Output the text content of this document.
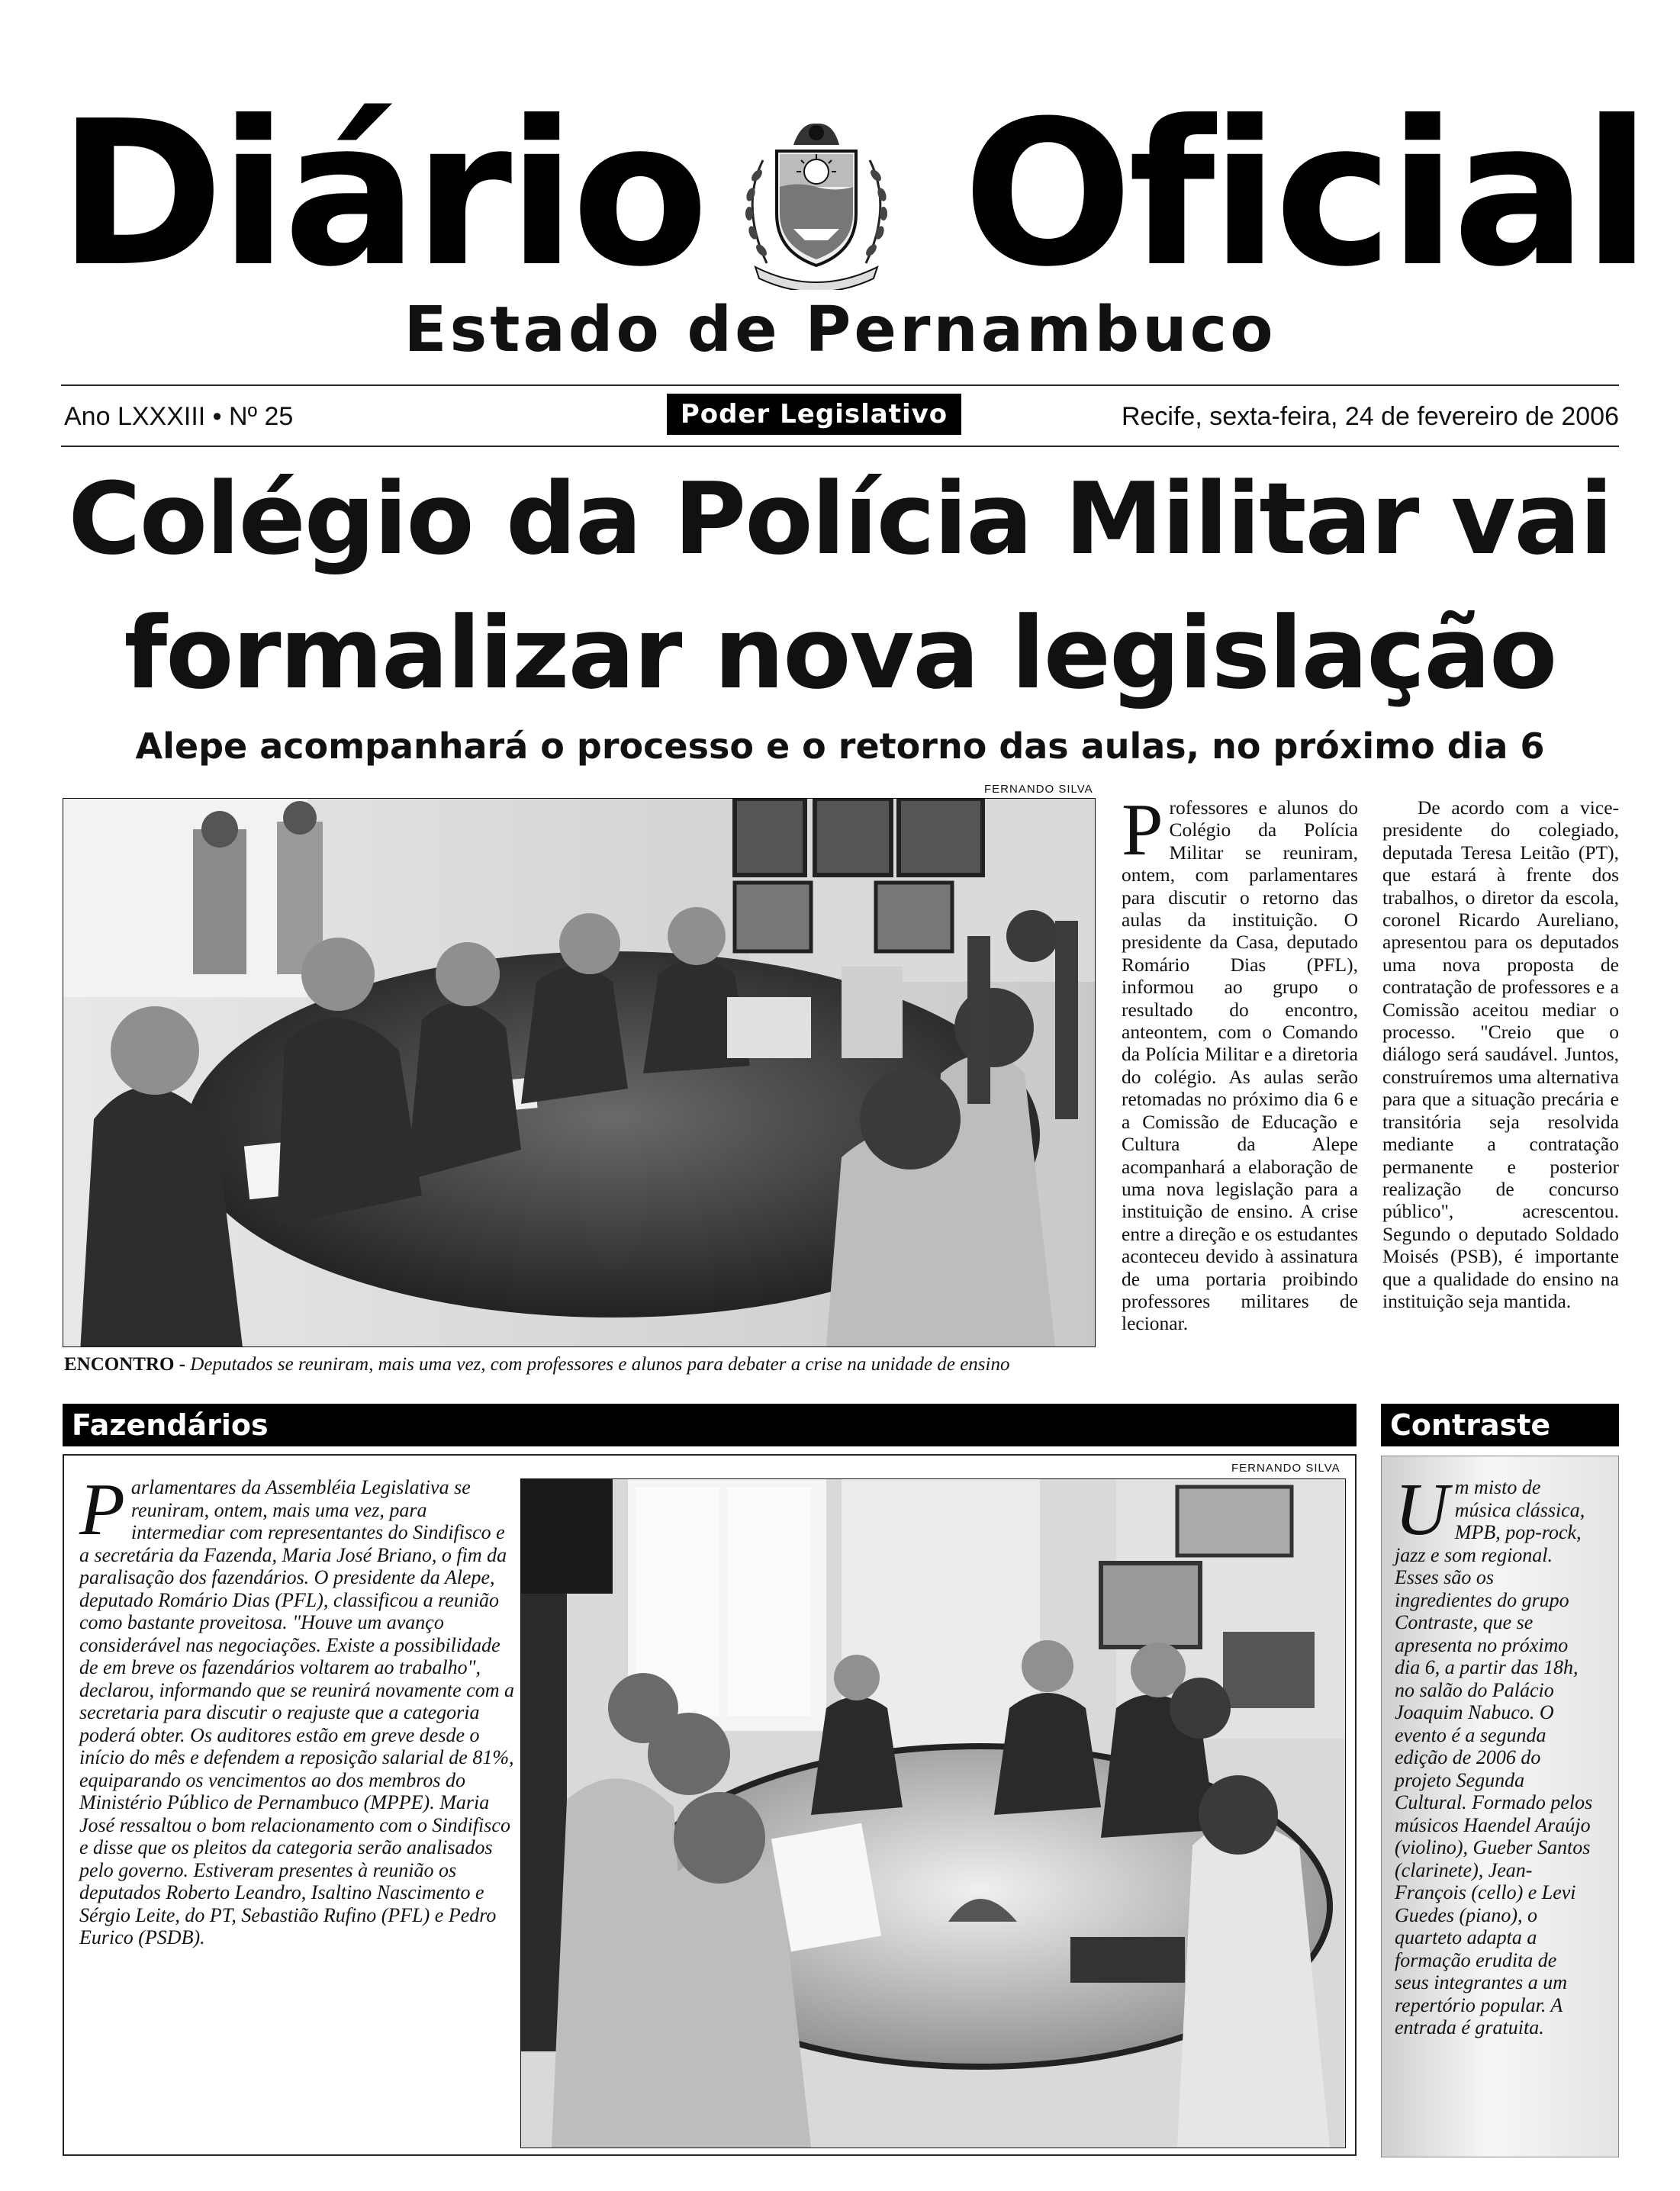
Diário Oficial
Estado de Pernambuco
Ano LXXXIII • Nº 25	Poder Legislativo	Recife, sexta-feira, 24 de fevereiro de 2006
Colégio da Polícia Militar vai
formalizar nova legislação
Alepe acompanhará o processo e o retorno das aulas, no próximo dia 6
FERNANDO SILVA
ENCONTRO - Deputados se reuniram, mais uma vez, com professores e alunos para debater a crise na unidade de ensino
Professores e alunos do Colégio da Polícia Militar se reuniram, ontem, com parlamentares para discutir o retorno das aulas da instituição. O presidente da Casa, deputado Romário Dias (PFL), informou ao grupo o resultado do encontro, anteontem, com o Comando da Polícia Militar e a diretoria do colégio. As aulas serão retomadas no próximo dia 6 e a Comissão de Educação e Cultura da Alepe acompanhará a elaboração de uma nova legislação para a instituição de ensino. A crise entre a direção e os estudantes aconteceu devido à assinatura de uma portaria proibindo professores militares de lecionar.
De acordo com a vice-presidente do colegiado, deputada Teresa Leitão (PT), que estará à frente dos trabalhos, o diretor da escola, coronel Ricardo Aureliano, apresentou para os deputados uma nova proposta de contratação de professores e a Comissão aceitou mediar o processo. "Creio que o diálogo será saudável. Juntos, construíremos uma alternativa para que a situação precária e transitória seja resolvida mediante a contratação permanente e posterior realização de concurso público", acrescentou. Segundo o deputado Soldado Moisés (PSB), é importante que a qualidade do ensino na instituição seja mantida.
Fazendários
Parlamentares da Assembléia Legislativa se reuniram, ontem, mais uma vez, para intermediar com representantes do Sindifisco e a secretária da Fazenda, Maria José Briano, o fim da paralisação dos fazendários. O presidente da Alepe, deputado Romário Dias (PFL), classificou a reunião como bastante proveitosa. "Houve um avanço considerável nas negociações. Existe a possibilidade de em breve os fazendários voltarem ao trabalho", declarou, informando que se reunirá novamente com a secretaria para discutir o reajuste que a categoria poderá obter. Os auditores estão em greve desde o início do mês e defendem a reposição salarial de 81%, equiparando os vencimentos ao dos membros do Ministério Público de Pernambuco (MPPE). Maria José ressaltou o bom relacionamento com o Sindifisco e disse que os pleitos da categoria serão analisados pelo governo. Estiveram presentes à reunião os deputados Roberto Leandro, Isaltino Nascimento e Sérgio Leite, do PT, Sebastião Rufino (PFL) e Pedro Eurico (PSDB).
FERNANDO SILVA
Contraste
Um misto de música clássica, MPB, pop-rock, jazz e som regional. Esses são os ingredientes do grupo Contraste, que se apresenta no próximo dia 6, a partir das 18h, no salão do Palácio Joaquim Nabuco. O evento é a segunda edição de 2006 do projeto Segunda Cultural. Formado pelos músicos Haendel Araújo (violino), Gueber Santos (clarinete), Jean-François (cello) e Levi Guedes (piano), o quarteto adapta a formação erudita de seus integrantes a um repertório popular. A entrada é gratuita.
